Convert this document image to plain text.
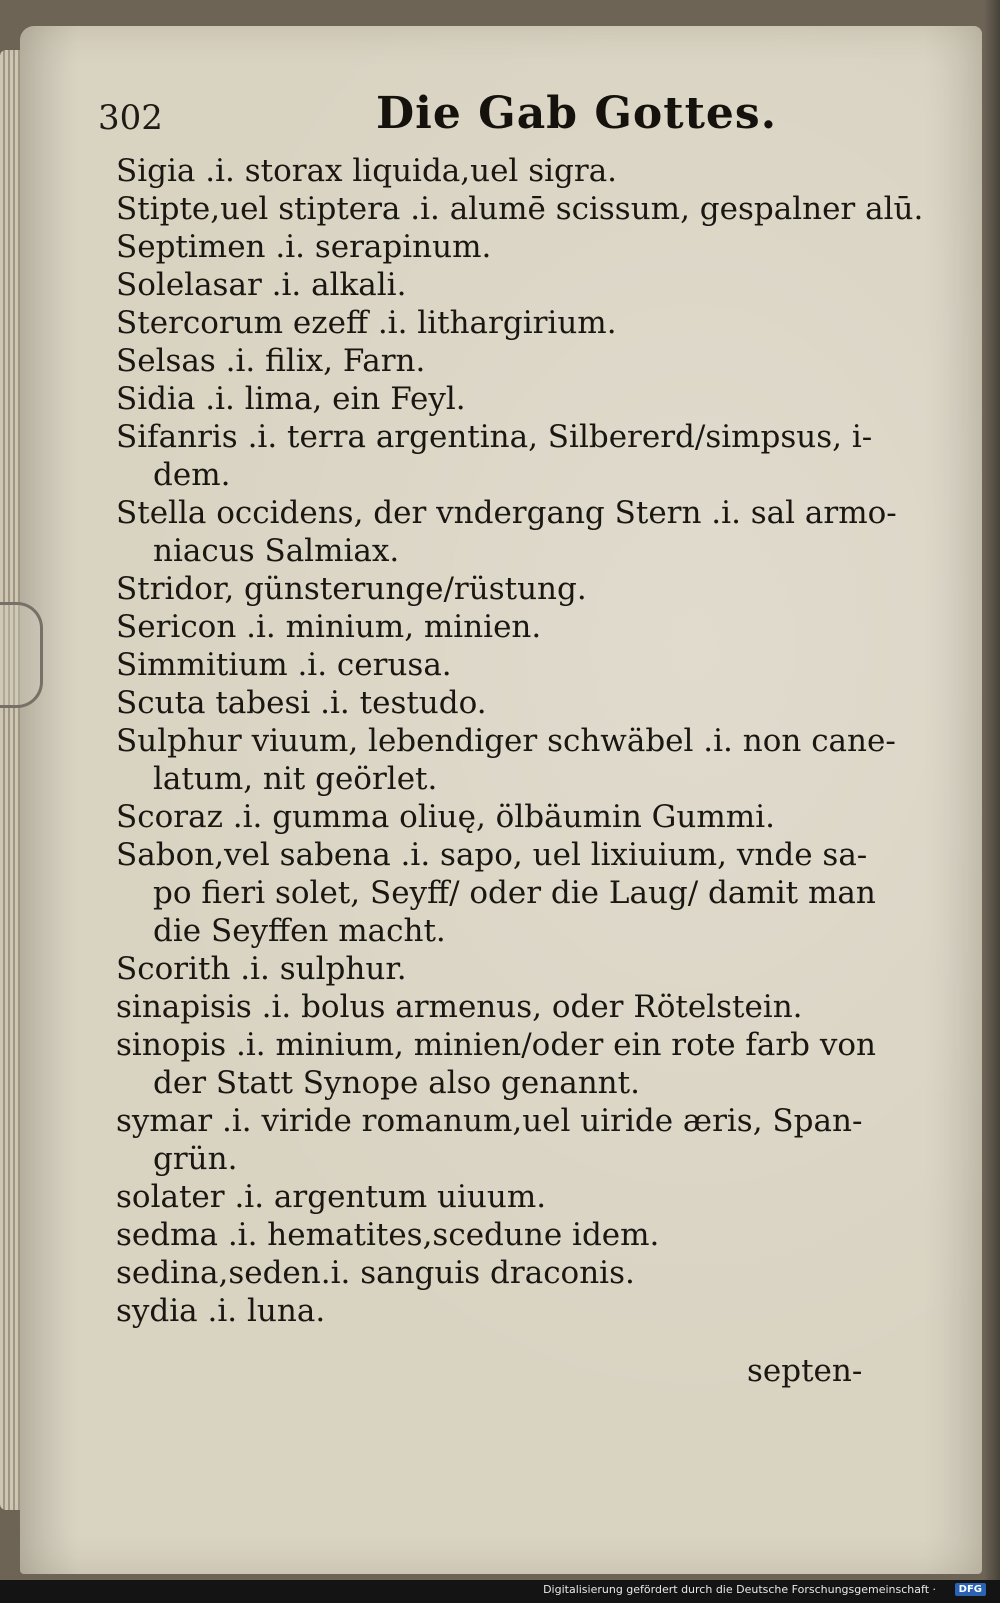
302	Die Gab Gottes.
Sigia .i. storax liquida,uel sigra.
Stipte,uel stiptera .i. alumē scissum, gespalner alū.
Septimen .i. serapinum.
Solelasar .i. alkali.
Stercorum ezeff .i. lithargirium.
Selsas .i. filix, Farn.
Sidia .i. lima, ein Feyl.
Sifanris .i. terra argentina, Silbererd/simpsus, i-
dem.
Stella occidens, der vndergang Stern .i. sal armo-
niacus Salmiax.
Stridor, günsterunge/rüstung.
Sericon .i. minium, minien.
Simmitium .i. cerusa.
Scuta tabesi .i. testudo.
Sulphur viuum, lebendiger schwäbel .i. non cane-
latum, nit geörlet.
Scoraz .i. gumma oliuę, ölbäumin Gummi.
Sabon,vel sabena .i. sapo, uel lixiuium, vnde sa-
po fieri solet, Seyff/ oder die Laug/ damit man
die Seyffen macht.
Scorith .i. sulphur.
sinapisis .i. bolus armenus, oder Rötelstein.
sinopis .i. minium, minien/oder ein rote farb von
der Statt Synope also genannt.
symar .i. viride romanum,uel uiride æris, Span-
grün.
solater .i. argentum uiuum.
sedma .i. hematites,scedune idem.
sedina,seden.i. sanguis draconis.
sydia .i. luna.
septen-
Digitalisierung gefördert durch die Deutsche Forschungsgemeinschaft ·	DFG
